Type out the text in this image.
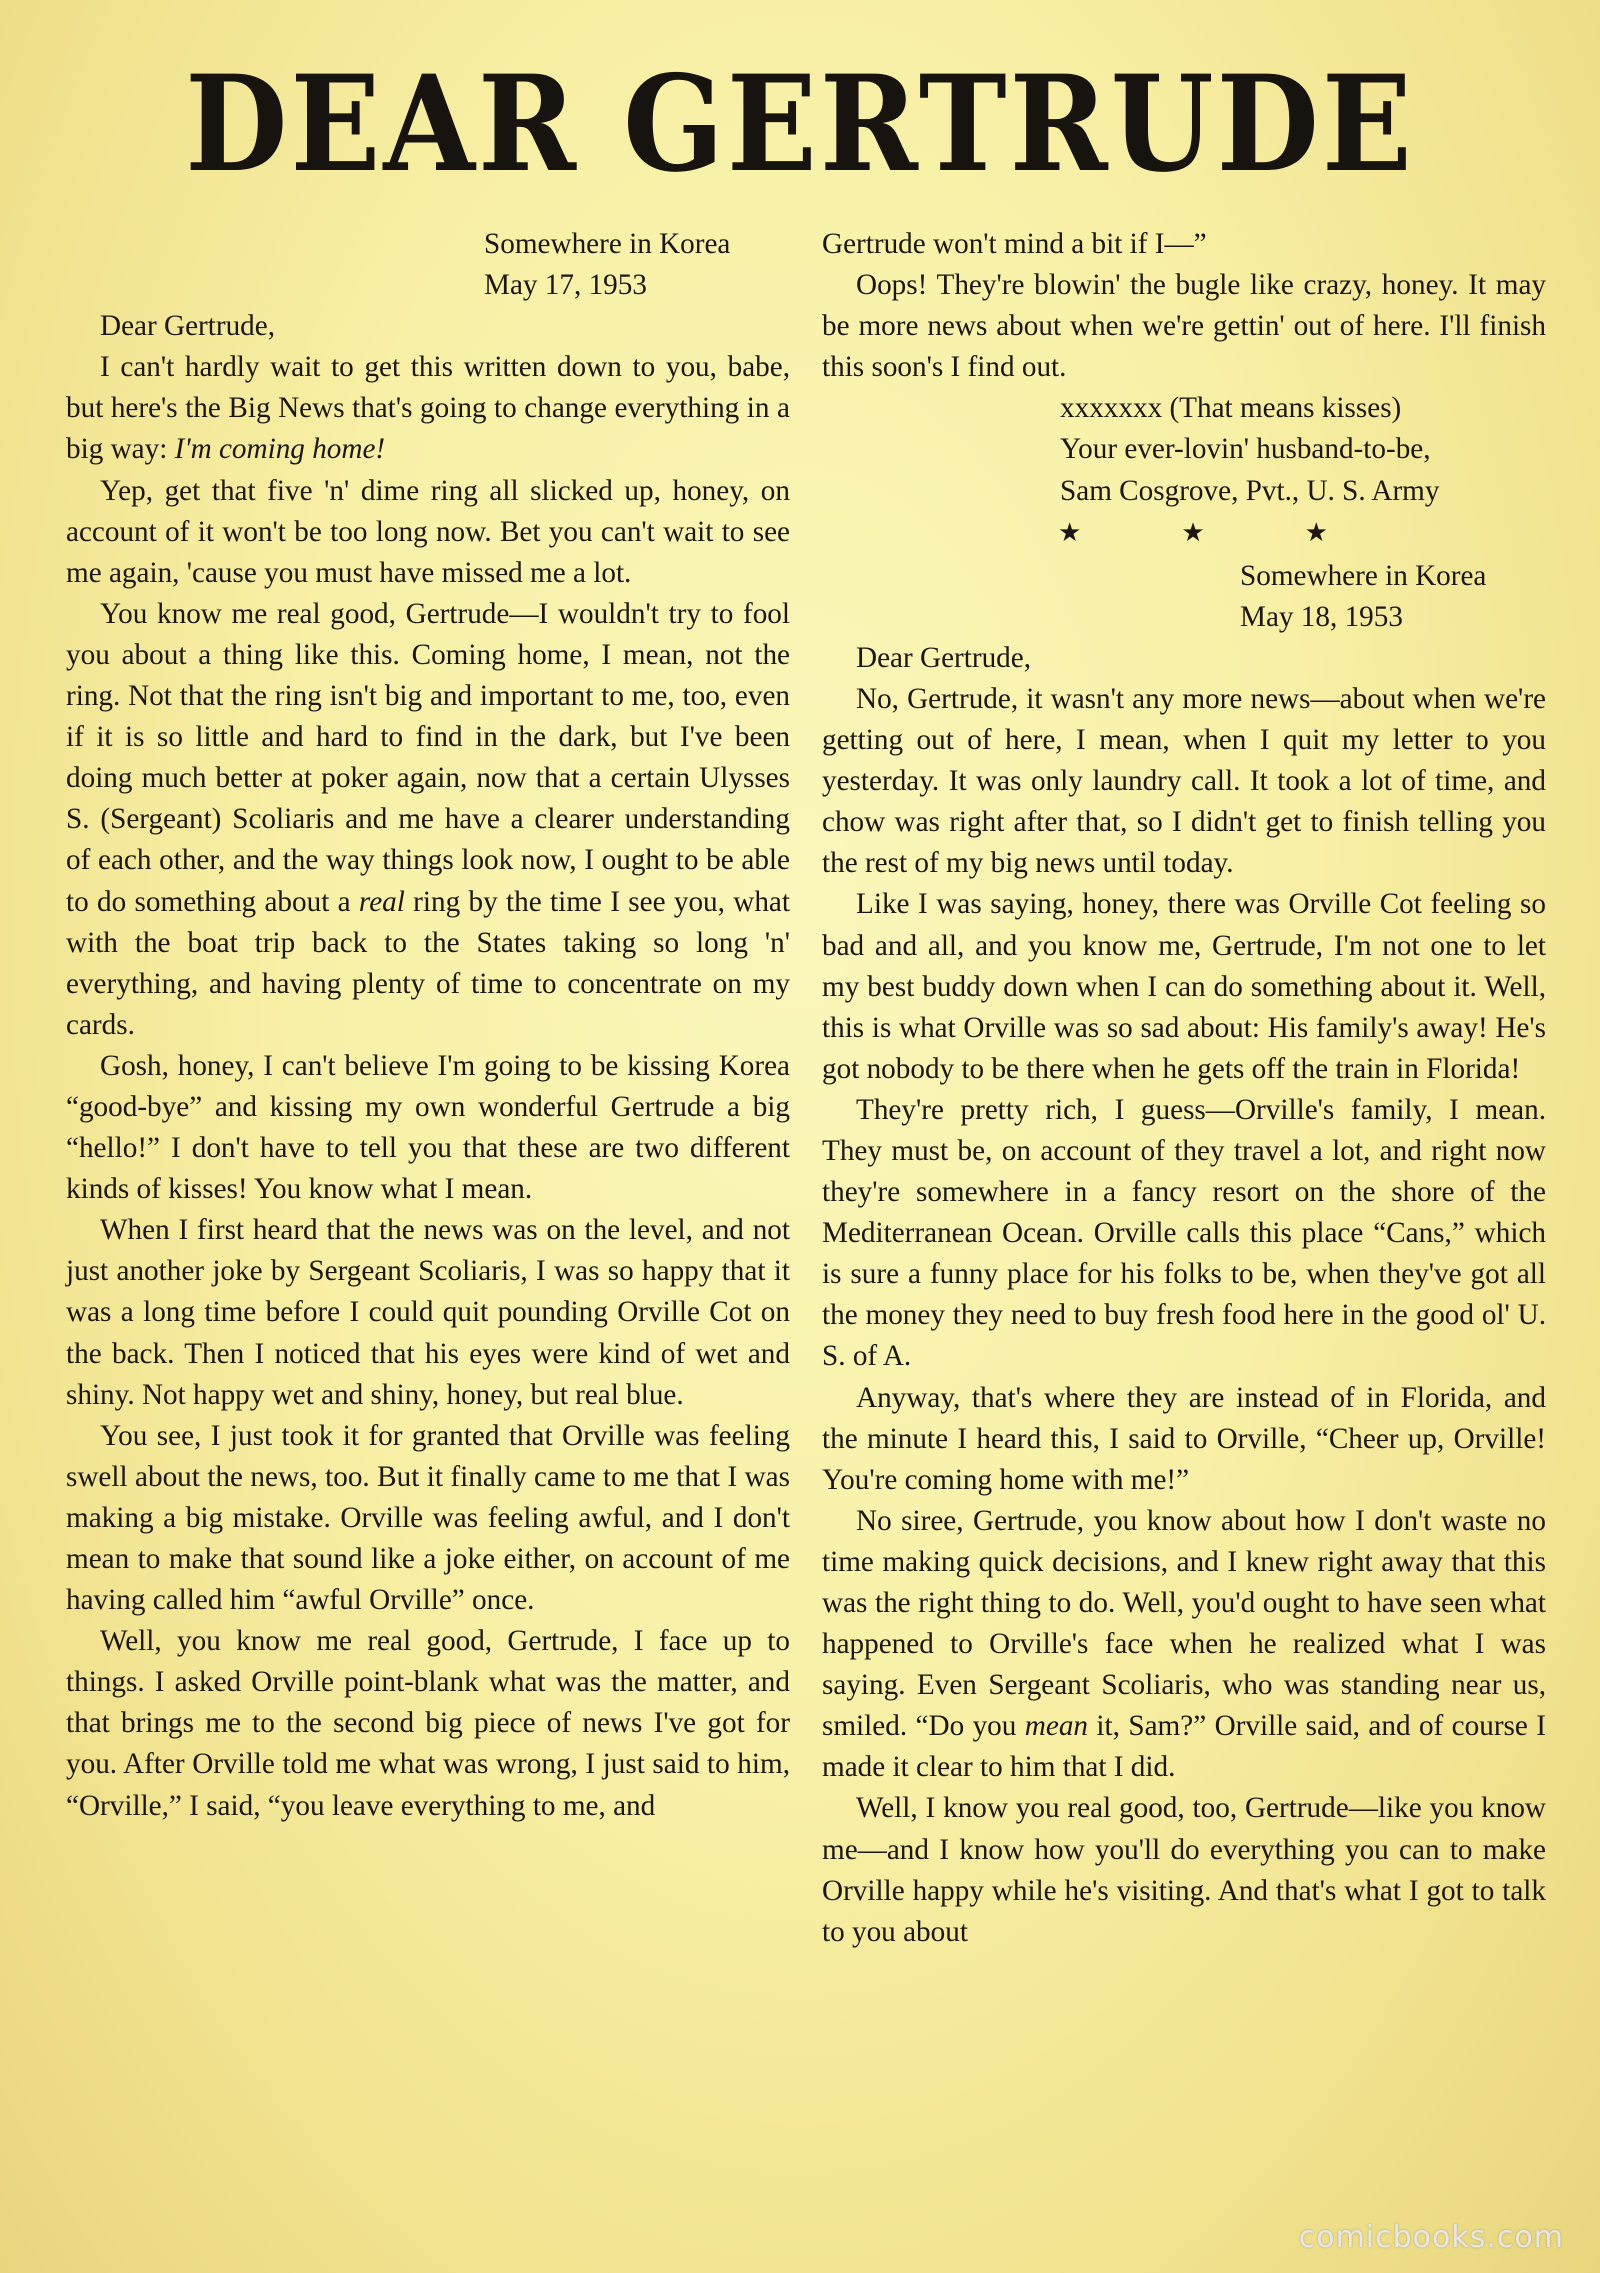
DEAR GERTRUDE
Somewhere in Korea
May 17, 1953

Dear Gertrude,

I can't hardly wait to get this written down to you, babe, but here's the Big News that's going to change everything in a big way: I'm coming home!

Yep, get that five 'n' dime ring all slicked up, honey, on account of it won't be too long now. Bet you can't wait to see me again, 'cause you must have missed me a lot.

You know me real good, Gertrude—I wouldn't try to fool you about a thing like this. Coming home, I mean, not the ring. Not that the ring isn't big and important to me, too, even if it is so little and hard to find in the dark, but I've been doing much better at poker again, now that a certain Ulysses S. (Sergeant) Scoliaris and me have a clearer understanding of each other, and the way things look now, I ought to be able to do something about a real ring by the time I see you, what with the boat trip back to the States taking so long 'n' everything, and having plenty of time to concentrate on my cards.

Gosh, honey, I can't believe I'm going to be kissing Korea “good-bye” and kissing my own wonderful Gertrude a big “hello!” I don't have to tell you that these are two different kinds of kisses! You know what I mean.

When I first heard that the news was on the level, and not just another joke by Sergeant Scoliaris, I was so happy that it was a long time before I could quit pounding Orville Cot on the back. Then I noticed that his eyes were kind of wet and shiny. Not happy wet and shiny, honey, but real blue.

You see, I just took it for granted that Orville was feeling swell about the news, too. But it finally came to me that I was making a big mistake. Orville was feeling awful, and I don't mean to make that sound like a joke either, on account of me having called him “awful Orville” once.

Well, you know me real good, Gertrude, I face up to things. I asked Orville point-blank what was the matter, and that brings me to the second big piece of news I've got for you. After Orville told me what was wrong, I just said to him, “Orville,” I said, “you leave everything to me, and

Gertrude won't mind a bit if I—”

Oops! They're blowin' the bugle like crazy, honey. It may be more news about when we're gettin' out of here. I'll finish this soon's I find out.

xxxxxxx (That means kisses)
Your ever-lovin' husband-to-be,
Sam Cosgrove, Pvt., U. S. Army
★	★	★
Somewhere in Korea
May 18, 1953

Dear Gertrude,

No, Gertrude, it wasn't any more news—about when we're getting out of here, I mean, when I quit my letter to you yesterday. It was only laundry call. It took a lot of time, and chow was right after that, so I didn't get to finish telling you the rest of my big news until today.

Like I was saying, honey, there was Orville Cot feeling so bad and all, and you know me, Gertrude, I'm not one to let my best buddy down when I can do something about it. Well, this is what Orville was so sad about: His family's away! He's got nobody to be there when he gets off the train in Florida!

They're pretty rich, I guess—Orville's family, I mean. They must be, on account of they travel a lot, and right now they're somewhere in a fancy resort on the shore of the Mediterranean Ocean. Orville calls this place “Cans,” which is sure a funny place for his folks to be, when they've got all the money they need to buy fresh food here in the good ol' U. S. of A.

Anyway, that's where they are instead of in Florida, and the minute I heard this, I said to Orville, “Cheer up, Orville! You're coming home with me!”

No siree, Gertrude, you know about how I don't waste no time making quick decisions, and I knew right away that this was the right thing to do. Well, you'd ought to have seen what happened to Orville's face when he realized what I was saying. Even Sergeant Scoliaris, who was standing near us, smiled. “Do you mean it, Sam?” Orville said, and of course I made it clear to him that I did.

Well, I know you real good, too, Gertrude—like you know me—and I know how you'll do everything you can to make Orville happy while he's visiting. And that's what I got to talk to you about

comicbooks.com
